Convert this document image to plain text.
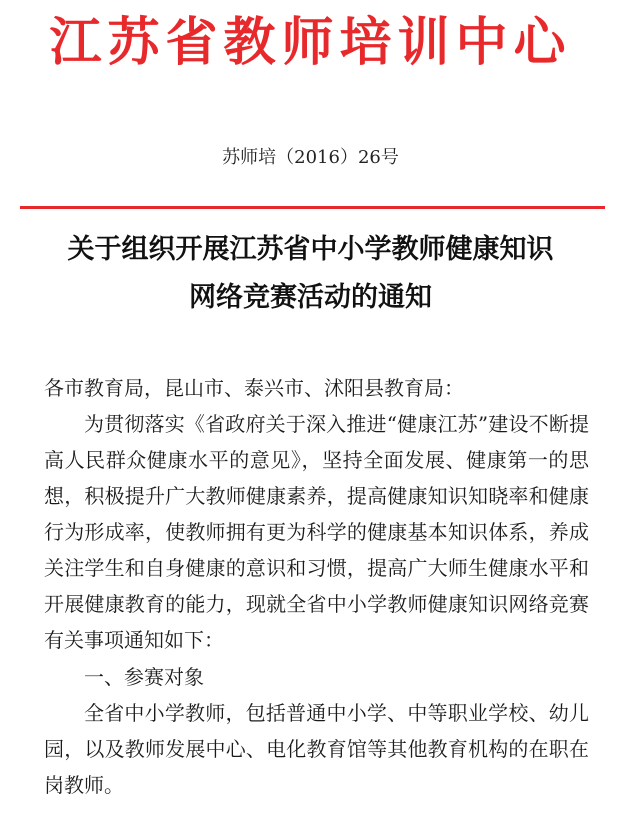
江苏省教师培训中心
苏师培（2016）26号
关于组织开展江苏省中小学教师健康知识
网络竞赛活动的通知
各市教育局，昆山市、泰兴市、沭阳县教育局：
为贯彻落实《省政府关于深入推进“健康江苏”建设不断提高人民群众健康水平的意见》，坚持全面发展、健康第一的思想，积极提升广大教师健康素养，提高健康知识知晓率和健康行为形成率，使教师拥有更为科学的健康基本知识体系，养成关注学生和自身健康的意识和习惯，提高广大师生健康水平和开展健康教育的能力，现就全省中小学教师健康知识网络竞赛有关事项通知如下：
一、参赛对象
全省中小学教师，包括普通中小学、中等职业学校、幼儿园，以及教师发展中心、电化教育馆等其他教育机构的在职在岗教师。
